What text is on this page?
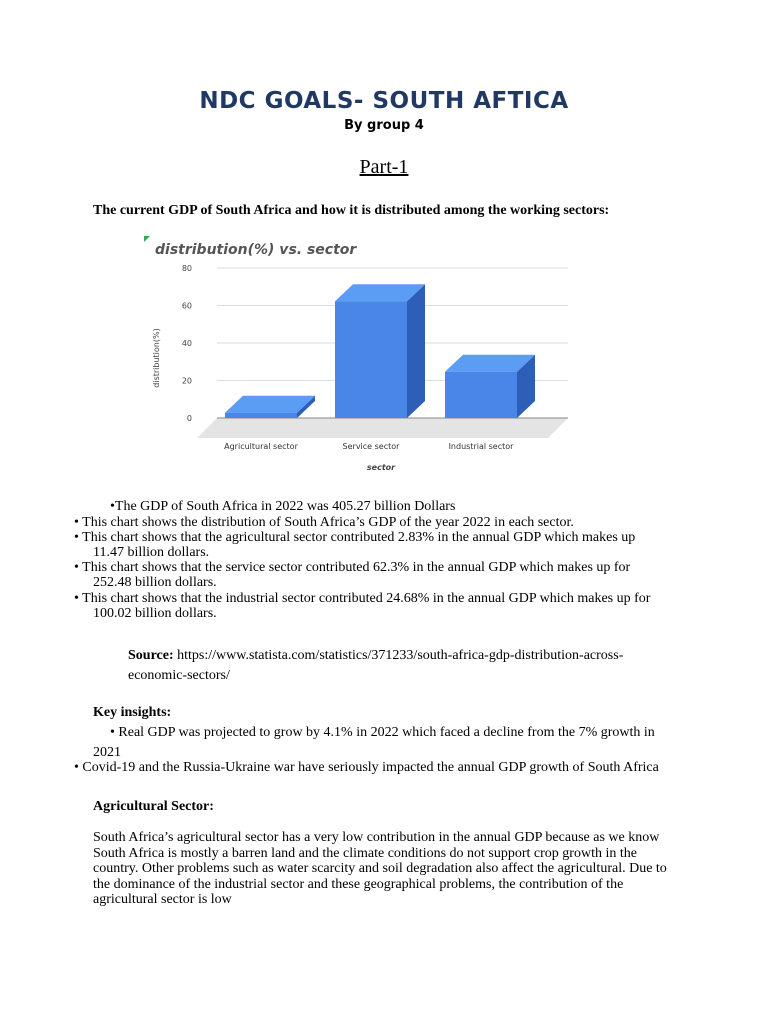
NDC GOALS- SOUTH AFTICA
By group 4
Part-1
The current GDP of South Africa and how it is distributed among the working sectors:
distribution(%) vs. sector
80
60
40
20
0
Agricultural sector	Service sector	Industrial sector
distribution(%)
sector
•The GDP of South Africa in 2022 was 405.27 billion Dollars
• This chart shows the distribution of South Africa’s GDP of the year 2022 in each sector.
• This chart shows that the agricultural sector contributed 2.83% in the annual GDP which makes up
11.47 billion dollars.
• This chart shows that the service sector contributed 62.3% in the annual GDP which makes up for
252.48 billion dollars.
• This chart shows that the industrial sector contributed 24.68% in the annual GDP which makes up for
100.02 billion dollars.
Source: https://www.statista.com/statistics/371233/south-africa-gdp-distribution-across-economic-sectors/
Key insights:
• Real GDP was projected to grow by 4.1% in 2022 which faced a decline from the 7% growth in
2021
• Covid-19 and the Russia-Ukraine war have seriously impacted the annual GDP growth of South Africa
Agricultural Sector:
South Africa’s agricultural sector has a very low contribution in the annual GDP because as we know South Africa is mostly a barren land and the climate conditions do not support crop growth in the country. Other problems such as water scarcity and soil degradation also affect the agricultural. Due to the dominance of the industrial sector and these geographical problems, the contribution of the agricultural sector is low
